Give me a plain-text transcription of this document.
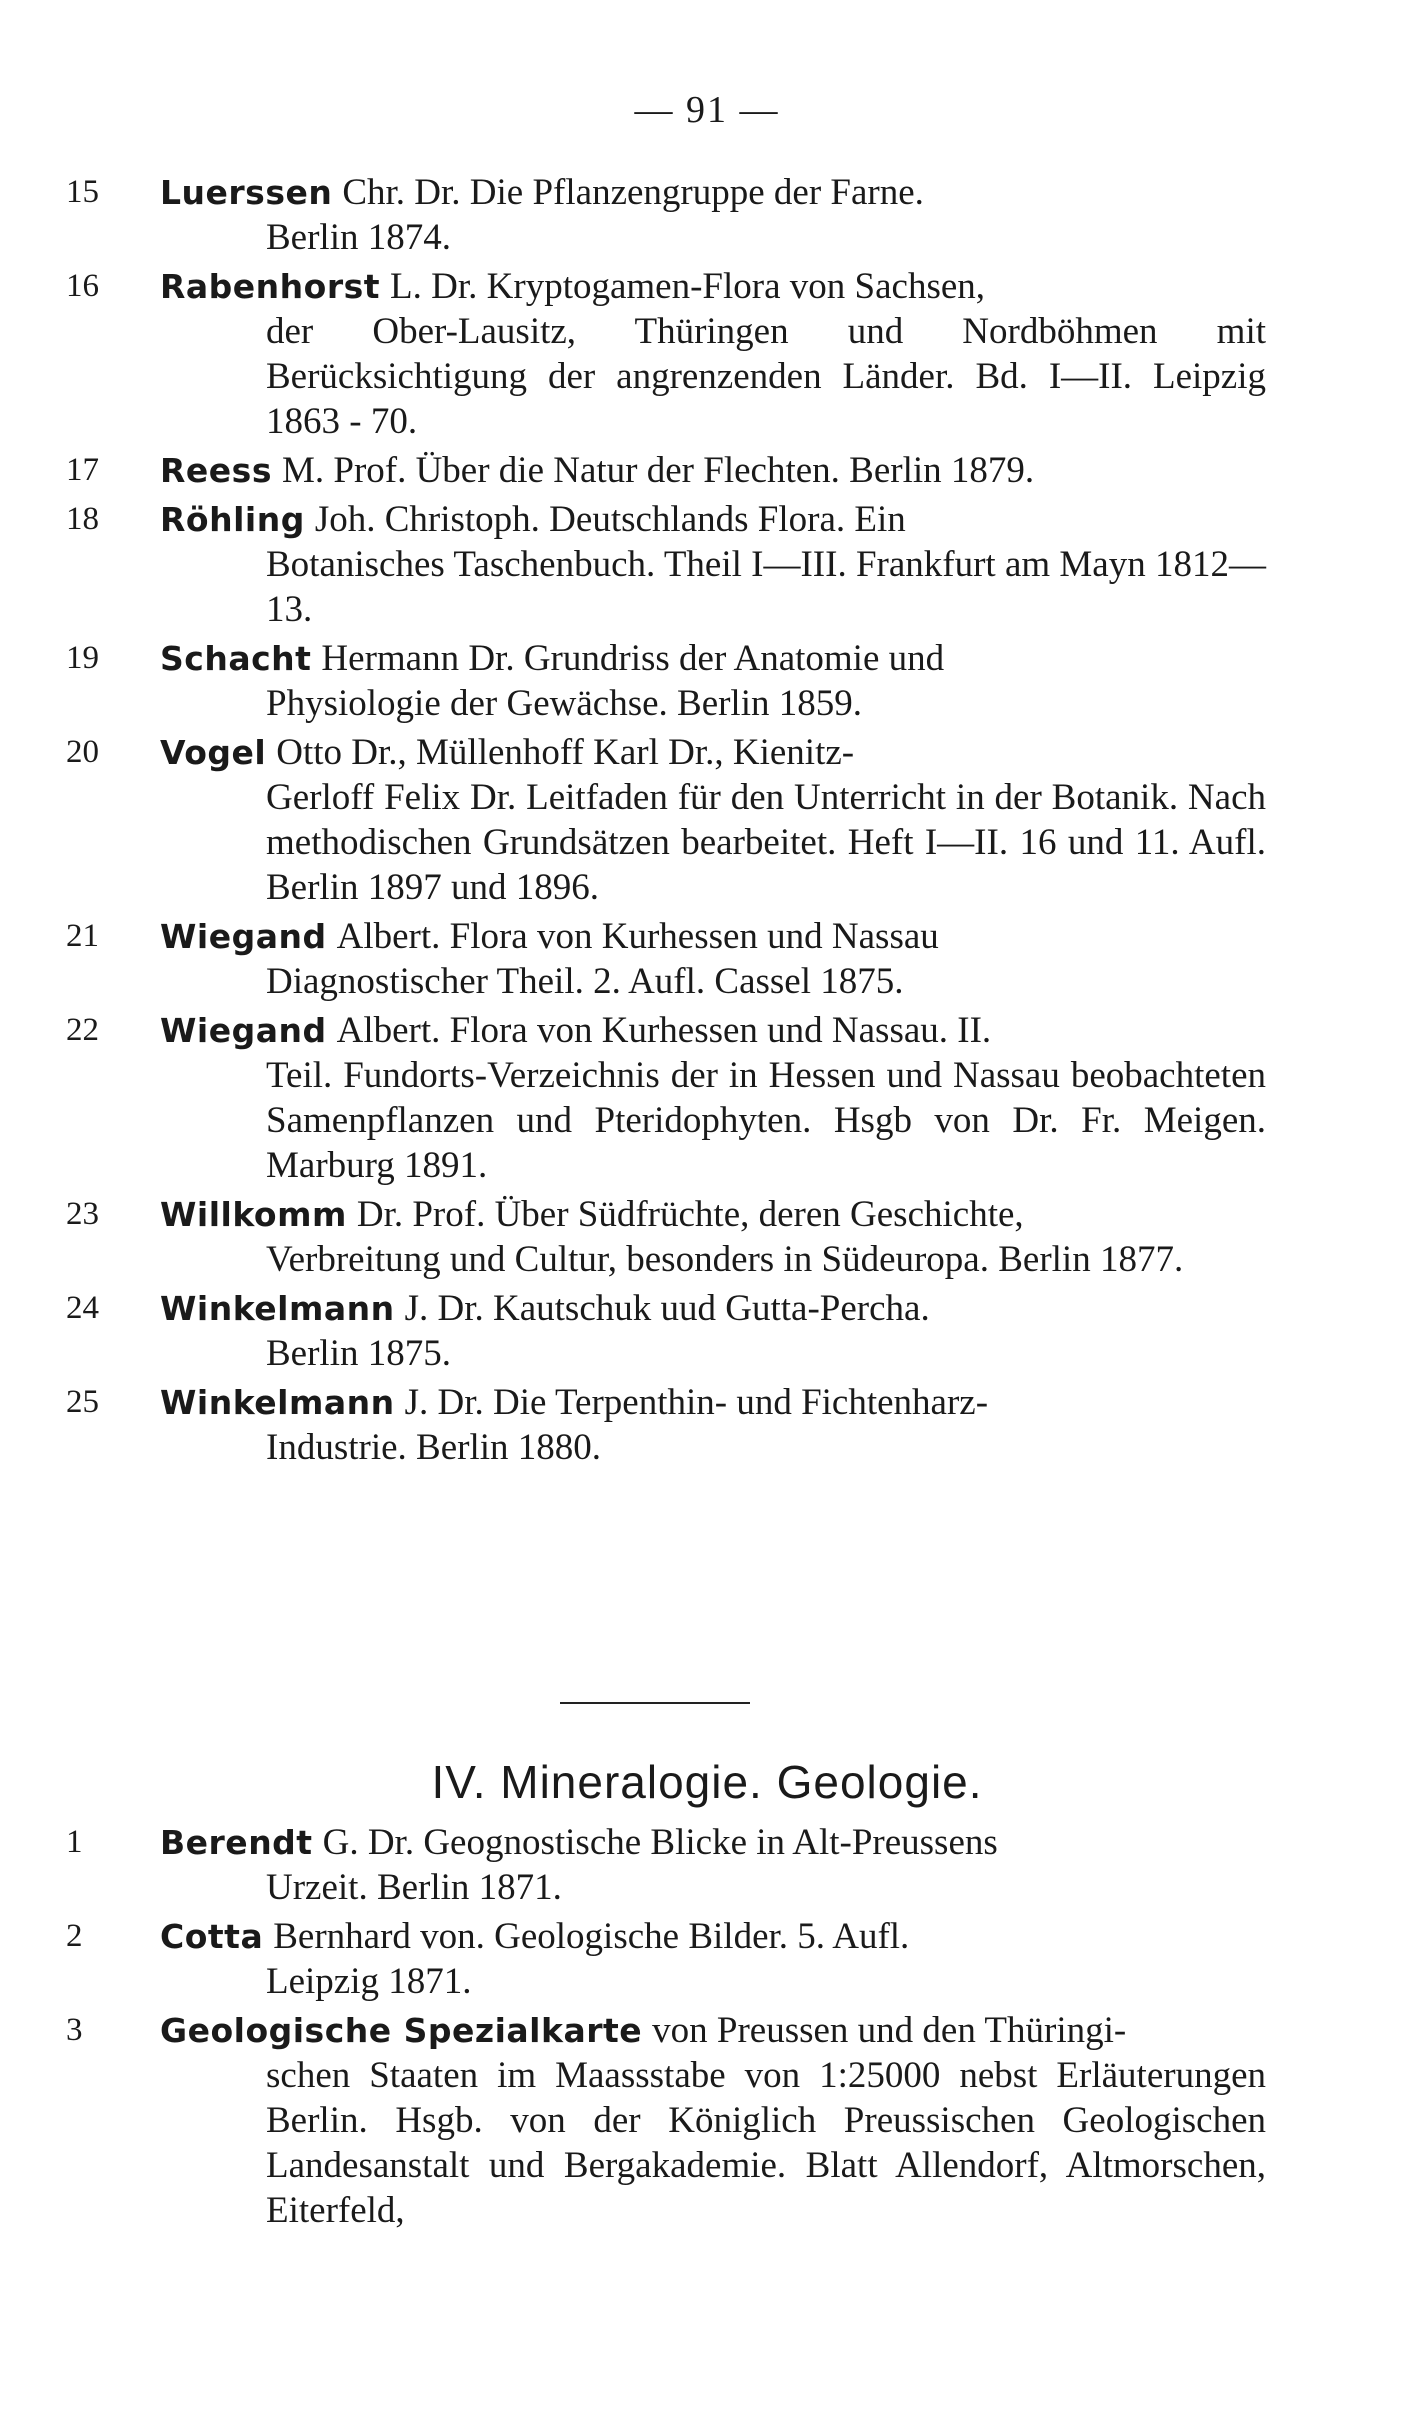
— 91 —
15 Luerssen Chr. Dr. Die Pflanzengruppe der Farne.
Berlin 1874.
16 Rabenhorst L. Dr. Kryptogamen-Flora von Sachsen,
der Ober-Lausitz, Thüringen und Nordböhmen mit Berücksichtigung der angrenzenden Länder. Bd. I—II. Leipzig 1863 - 70.
17 Reess M. Prof. Über die Natur der Flechten. Berlin 1879.
18 Röhling Joh. Christoph. Deutschlands Flora. Ein
Botanisches Taschenbuch. Theil I—III. Frankfurt am Mayn 1812—13.
19 Schacht Hermann Dr. Grundriss der Anatomie und
Physiologie der Gewächse. Berlin 1859.
20 Vogel Otto Dr., Müllenhoff Karl Dr., Kienitz-
Gerloff Felix Dr. Leitfaden für den Unterricht in der Botanik. Nach methodischen Grundsätzen bearbeitet. Heft I—II. 16 und 11. Aufl. Berlin 1897 und 1896.
21 Wiegand Albert. Flora von Kurhessen und Nassau
Diagnostischer Theil. 2. Aufl. Cassel 1875.
22 Wiegand Albert. Flora von Kurhessen und Nassau. II.
Teil. Fundorts-Verzeichnis der in Hessen und Nassau beobachteten Samenpflanzen und Pteridophyten. Hsgb von Dr. Fr. Meigen. Marburg 1891.
23 Willkomm Dr. Prof. Über Südfrüchte, deren Geschichte,
Verbreitung und Cultur, besonders in Südeuropa. Berlin 1877.
24 Winkelmann J. Dr. Kautschuk uud Gutta-Percha.
Berlin 1875.
25 Winkelmann J. Dr. Die Terpenthin- und Fichtenharz-
Industrie. Berlin 1880.
IV. Mineralogie. Geologie.
1	Berendt G. Dr. Geognostische Blicke in Alt-Preussens
Urzeit. Berlin 1871.
2	Cotta Bernhard von. Geologische Bilder. 5. Aufl.
Leipzig 1871.
3	Geologische Spezialkarte von Preussen und den Thüringi-
schen Staaten im Maassstabe von 1:25000 nebst Erläuterungen Berlin. Hsgb. von der Königlich Preussischen Geologischen Landesanstalt und Bergakademie. Blatt Allendorf, Altmorschen, Eiterfeld,
